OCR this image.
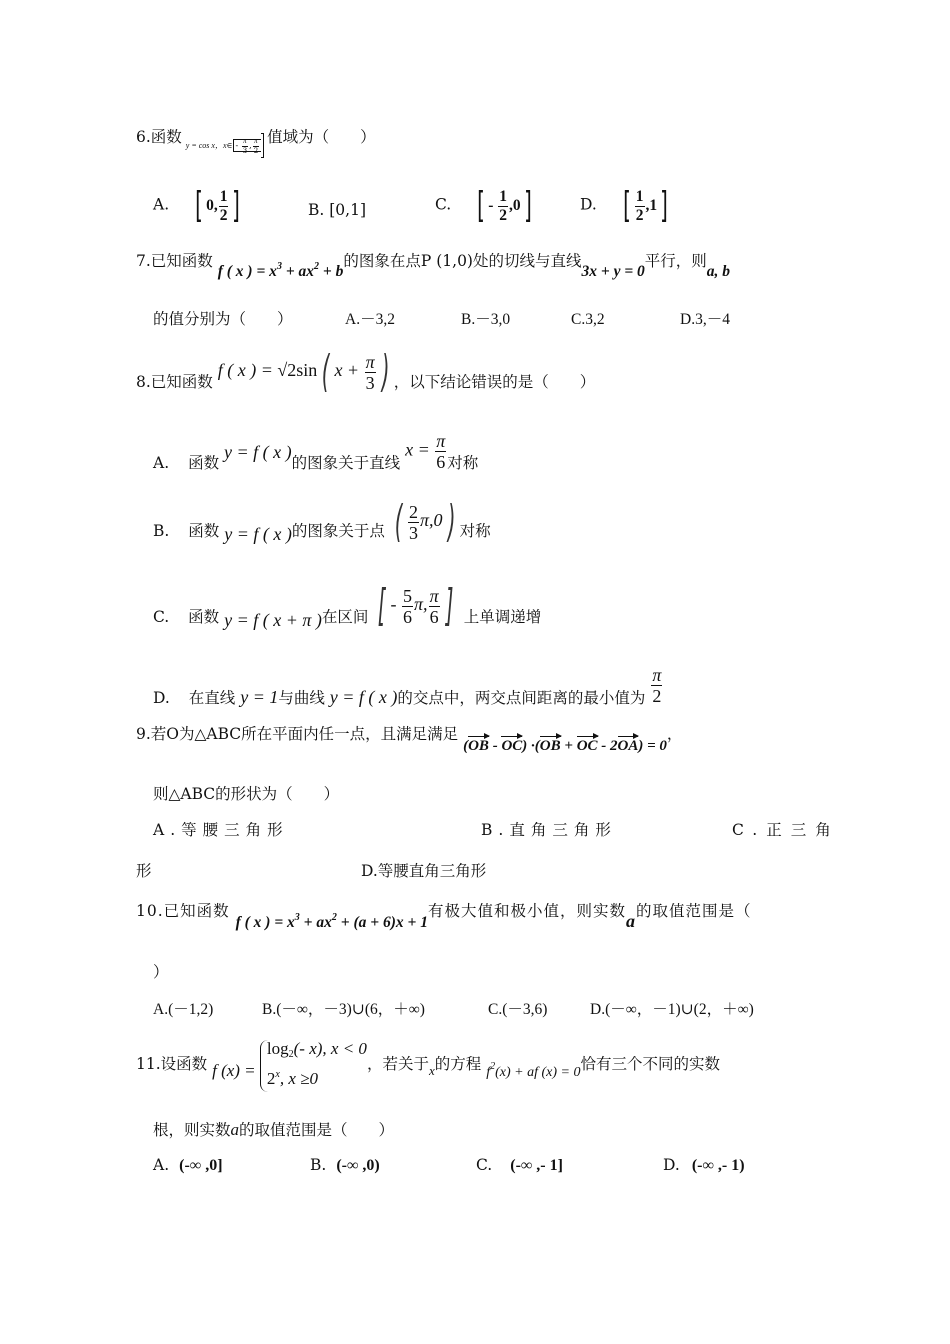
6.函数 $_{y = cos x,x\in}$ $_{- \frac{\pi}{3} , \frac{\pi}{2}}$ 值域为（　　）
A. [ 0, $\frac{1}{2}$ ]	B. [0,1]	C. [ - $\frac{1}{2} ,0$]	D. [ $\frac{1}{2} ,1$]
7.已知函数 f ( x ) = $x^3 + ax^2 + b$的图象在点P (1,0)处的切线与直线3x + y = 0平行，则a, b
的值分别为（　　）	A.－3,2	B.－3,0	C.3,2	D.3,－4
8.已知函数 f ( x ) = √2sin ( $x + \frac{\pi}{3}$ ) ，以下结论错误的是（　　）
A. 函数 y = f ( x )的图象关于直线 $x = \frac{\pi}{6}$ 对称
B. 函数 y = f ( x )的图象关于点 ( $\frac{2}{3} \pi,0$ ) 对称
C. 函数 y = f ( x + π )在区间 [ - $\frac{5}{6} \pi$, $\frac{\pi}{6}$ ] 上单调递增
D. 在直线 y = 1与曲线 y = f ( x )的交点中，两交点间距离的最小值为 $\frac{\pi}{2}$
9.若O为△ABC所在平面内任一点，且满足满足 (OB - OC) ·(OB + OC - 2OA) = 0，
则△ABC的形状为（　　）
A.等腰三角形	B.直角三角形	C.正三角
形	D.等腰直角三角形
10.已知函数 f ( x ) = $x^3 + ax^2 + (a + 6)x + 1$有极大值和极小值，则实数a的取值范围是（
）
A.(－1,2)	B.(－∞，－3)∪(6，＋∞)	C.(－3,6)	D.(－∞，－1)∪(2，＋∞)
11.设函数 f (x) =
$\log_2(-$ x), x < 0
2$^x$, x ≥0
，若关于$_x$的方程 $f^2(x)$ + af (x) = 0恰有三个不同的实数
根，则实数a的取值范围是（　　）
A. (-∞ ,0]	B. (-∞ ,0)	C. (-∞ ,- 1]	D. (-∞ ,- 1)
